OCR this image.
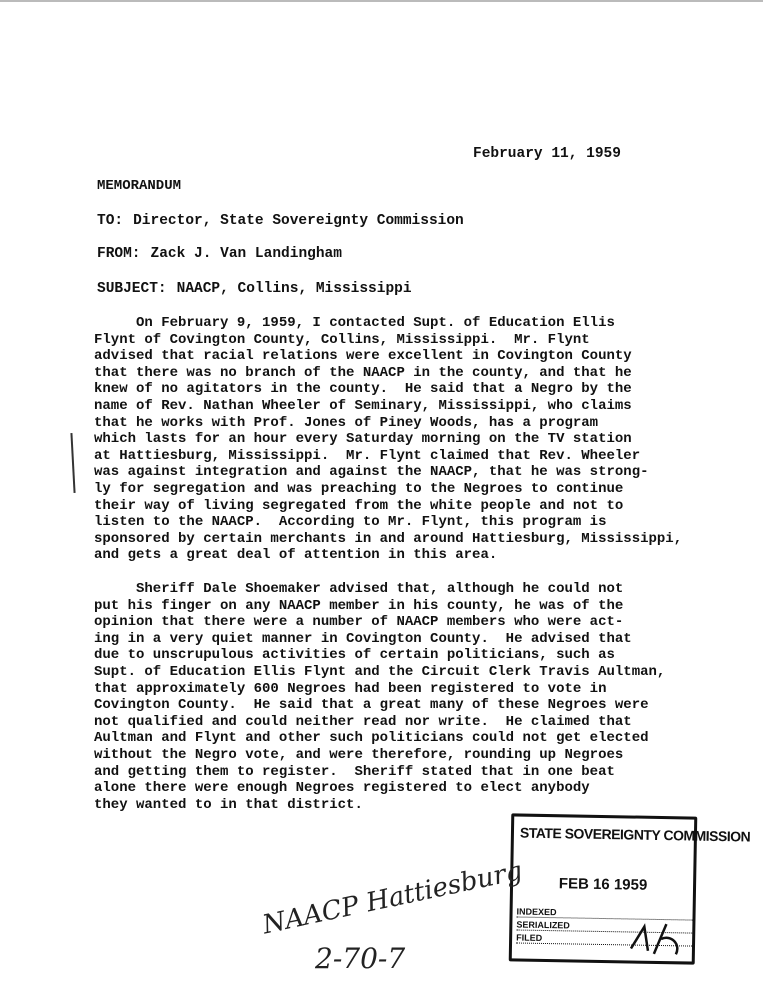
February 11, 1959
MEMORANDUM
TO: Director, State Sovereignty Commission
FROM: Zack J. Van Landingham
SUBJECT: NAACP, Collins, Mississippi
On February 9, 1959, I contacted Supt. of Education Ellis
Flynt of Covington County, Collins, Mississippi.  Mr. Flynt
advised that racial relations were excellent in Covington County
that there was no branch of the NAACP in the county, and that he
knew of no agitators in the county.  He said that a Negro by the
name of Rev. Nathan Wheeler of Seminary, Mississippi, who claims
that he works with Prof. Jones of Piney Woods, has a program
which lasts for an hour every Saturday morning on the TV station
at Hattiesburg, Mississippi.  Mr. Flynt claimed that Rev. Wheeler
was against integration and against the NAACP, that he was strong-
ly for segregation and was preaching to the Negroes to continue
their way of living segregated from the white people and not to
listen to the NAACP.  According to Mr. Flynt, this program is
sponsored by certain merchants in and around Hattiesburg, Mississippi,
and gets a great deal of attention in this area.
Sheriff Dale Shoemaker advised that, although he could not
put his finger on any NAACP member in his county, he was of the
opinion that there were a number of NAACP members who were act-
ing in a very quiet manner in Covington County.  He advised that
due to unscrupulous activities of certain politicians, such as
Supt. of Education Ellis Flynt and the Circuit Clerk Travis Aultman,
that approximately 600 Negroes had been registered to vote in
Covington County.  He said that a great many of these Negroes were
not qualified and could neither read nor write.  He claimed that
Aultman and Flynt and other such politicians could not get elected
without the Negro vote, and were therefore, rounding up Negroes
and getting them to register.  Sheriff stated that in one beat
alone there were enough Negroes registered to elect anybody
they wanted to in that district.
STATE SOVEREIGNTY COMMISSION
FEB 16 1959
INDEXED
SERIALIZED
FILED
NAACP Hattiesburg
2-70-7
